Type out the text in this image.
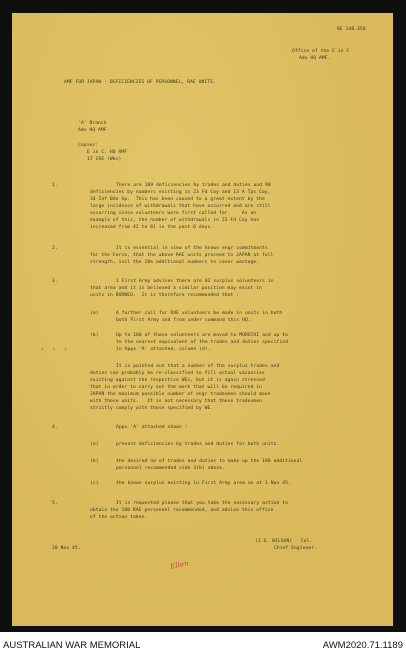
BE 148.350
Office of the E in C
Adv HQ AMF.
AMF FOR JAPAN - DEFICIENCIES OF PERSONNEL, RAE UNITS.
'A' Branch
Adv HQ AMF
Copies:
E in C, HQ AMF
17 CRE (Wks)
1.	There are 109 deficiencies by trades and duties and 90
deficiencies by numbers existing in 23 Fd Coy and 13 A Tps Coy,
34 Inf Bde Gp.  This has been caused to a great extent by the
large incidence of withdrawals that have occurred and are still
occurring since volunteers were first called for.    As an
example of this, the number of withdrawals in 23 Fd Coy has
increased from 42 to 81 in the past 6 days.
2.	It is essential in view of the known engr commitments
for the Force, that the above RAE units proceed to JAPAN at full
strength, incl the 10% additional numbers to cover wastage.
3.	1 First Army advises there are 82 surplus volunteers in
that area and it is believed a similar position may exist in
units in BORNEO.  It is therefore recommended that :
(a)	A further call for RAE volunteers be made in units in both
both First Army and from under command this HQ.
(b)	Up to 180 of these volunteers are moved to MOROTAI and up to
to the nearest equivalent of the trades and duties specified
in Appx 'A' attached, column (d).
It is pointed out that a number of the surplus trades and
duties can probably be re-classified to fill actual vacancies
existing against the respective WEs, but it is again stressed
that in order to carry out the work that will be required in
JAPAN the maximum possible number of engr tradesmen should move
with these units.   It is not necessary that these tradesmen
strictly comply with those specified by WE.
4.	Appx 'A' attached shows :
(a)	present deficiencies by trades and duties for both units.
(b)	the desired no of trades and duties to make up the 180 additional
personnel recommended vide 3(b) above.
(c)	the known surplus existing in First Army area as at 1 Nov 45.
5.	It is requested please that you take the necessary action to
obtain the 180 RAE personnel recommended, and advise this office
of the action taken.
(J.G. WILSON)   Col.
20 Nov 45.	Chief Engineer.
Ellen
• • •
AUSTRALIAN WAR MEMORIAL	AWM2020.71.1189
